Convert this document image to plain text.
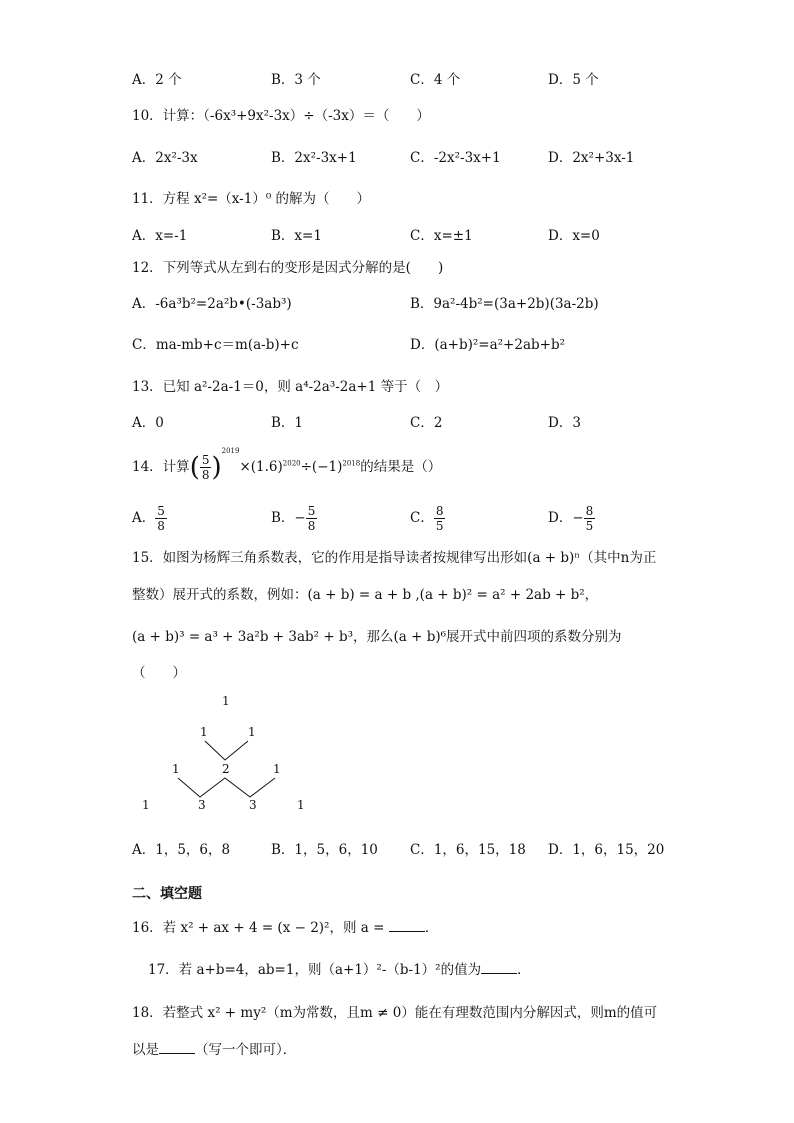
A．2 个	B．3 个	C．4 个	D．5 个
10．计算：（-6x³+9x²-3x）÷（-3x）＝（　　）
A．2x²-3x	B．2x²-3x+1	C．-2x²-3x+1	D．2x²+3x-1
11．方程 x²=（x-1）⁰ 的解为（　　）
A．x=-1	B．x=1	C．x=±1	D．x=0
12．下列等式从左到右的变形是因式分解的是(　　)
A．-6a³b²=2a²b•(-3ab³)	B．9a²-4b²=(3a+2b)(3a-2b)
C．ma-mb+c＝m(a-b)+c	D．(a+b)²=a²+2ab+b²
13．已知 a²-2a-1＝0，则 a⁴-2a³-2a+1 等于（　）
A．0	B．1	C．2	D．3
14．计算( $\frac{5}{8} )^{2019}\times(1.6)^{2020}\div(-1)^{2018}$的结果是（）
A． $\frac{5}{8}$	B．− $\frac{5}{8}$	C． $\frac{8}{5}$	D．− $\frac{8}{5}$
15．如图为杨辉三角系数表，它的作用是指导读者按规律写出形如(a + b)ⁿ（其中n为正
整数）展开式的系数，例如：(a + b) = a + b ,(a + b)² = a² + 2ab + b²，
(a + b)³ = a³ + 3a²b + 3ab² + b³，那么(a + b)⁶展开式中前四项的系数分别为
（　　）
1
1	1
1	2	1
1	3	3	1
A．1，5，6，8	B．1，5，6，10 C．1，6，15，18 D．1，6，15，20
二、填空题
16．若 x² + ax + 4 = (x − 2)²，则 a =	．
17．若 a+b=4，ab=1，则（a+1）²-（b-1）²的值为	．
18．若整式 x² + my²（m为常数，且m ≠ 0）能在有理数范围内分解因式，则m的值可
以是	（写一个即可）．
